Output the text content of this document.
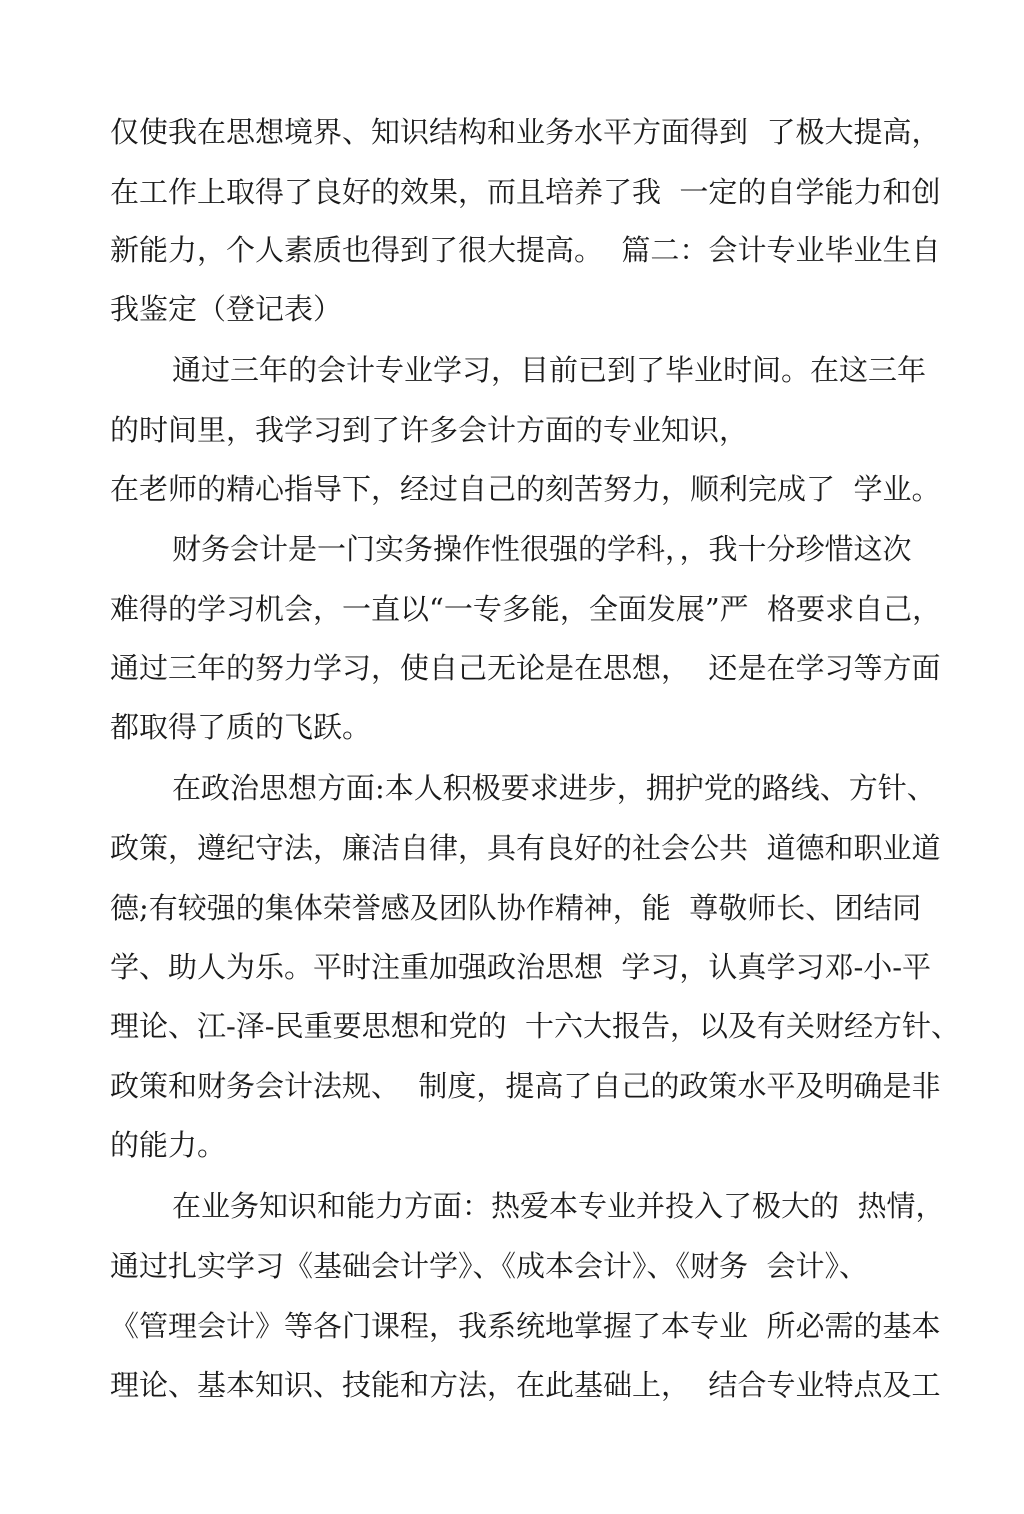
仅使我在思想境界、知识结构和业务水平方面得到  了极大提高，
在工作上取得了良好的效果，而且培养了我  一定的自学能力和创
新能力，个人素质也得到了很大提高。  篇二：会计专业毕业生自
我鉴定（登记表）
通过三年的会计专业学习，目前已到了毕业时间。在这三年
的时间里，我学习到了许多会计方面的专业知识，
在老师的精心指导下，经过自己的刻苦努力，顺利完成了  学业。
财务会计是一门实务操作性很强的学科，，我十分珍惜这次
难得的学习机会，一直以“一专多能，全面发展”严  格要求自己，
通过三年的努力学习，使自己无论是在思想，  还是在学习等方面
都取得了质的飞跃。
在政治思想方面:本人积极要求进步，拥护党的路线、方针、
政策，遵纪守法，廉洁自律，具有良好的社会公共  道德和职业道
德;有较强的集体荣誉感及团队协作精神，能  尊敬师长、团结同
学、助人为乐。平时注重加强政治思想  学习，认真学习邓-小-平
理论、江-泽-民重要思想和党的  十六大报告，以及有关财经方针、
政策和财务会计法规、  制度，提高了自己的政策水平及明确是非
的能力。
在业务知识和能力方面：热爱本专业并投入了极大的  热情，
通过扎实学习《基础会计学》、《成本会计》、《财务  会计》、
《管理会计》等各门课程，我系统地掌握了本专业  所必需的基本
理论、基本知识、技能和方法，在此基础上，  结合专业特点及工
